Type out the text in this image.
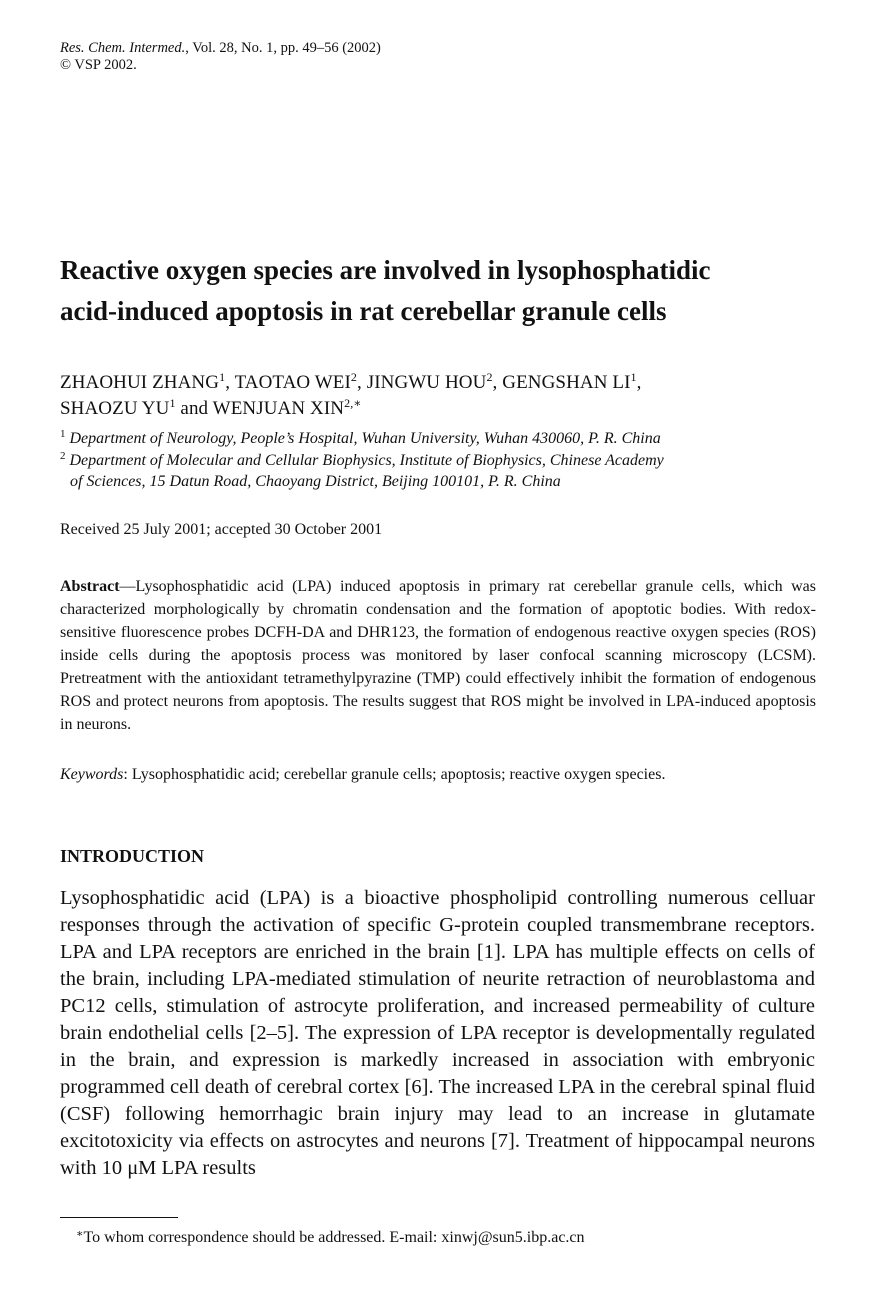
Res. Chem. Intermed., Vol. 28, No. 1, pp. 49–56 (2002)
© VSP 2002.
Reactive oxygen species are involved in lysophosphatidic
acid-induced apoptosis in rat cerebellar granule cells
ZHAOHUI ZHANG$^1$, TAOTAO WEI$^2$, JINGWU HOU$^2$, GENGSHAN $LI^1$,
SHAOZU $YU^1$ and WENJUAN $XIN^{2,∗}$
$^1$ Department of Neurology, People’s Hospital, Wuhan University, Wuhan 430060, P. R. China
$^2$ Department of Molecular and Cellular Biophysics, Institute of Biophysics, Chinese Academy
of Sciences, 15 Datun Road, Chaoyang District, Beijing 100101, P. R. China
Received 25 July 2001; accepted 30 October 2001
Abstract—Lysophosphatidic acid (LPA) induced apoptosis in primary rat cerebellar granule cells, which was characterized morphologically by chromatin condensation and the formation of apoptotic bodies. With redox-sensitive fluorescence probes DCFH-DA and DHR123, the formation of endogenous reactive oxygen species (ROS) inside cells during the apoptosis process was monitored by laser confocal scanning microscopy (LCSM). Pretreatment with the antioxidant tetramethylpyrazine (TMP) could effectively inhibit the formation of endogenous ROS and protect neurons from apoptosis. The results suggest that ROS might be involved in LPA-induced apoptosis in neurons.
Keywords: Lysophosphatidic acid; cerebellar granule cells; apoptosis; reactive oxygen species.
INTRODUCTION
Lysophosphatidic acid (LPA) is a bioactive phospholipid controlling numerous celluar responses through the activation of specific G-protein coupled transmembrane receptors. LPA and LPA receptors are enriched in the brain [1]. LPA has multiple effects on cells of the brain, including LPA-mediated stimulation of neurite retraction of neuroblastoma and PC12 cells, stimulation of astrocyte proliferation, and increased permeability of culture brain endothelial cells [2–5]. The expression of LPA receptor is developmentally regulated in the brain, and expression is markedly increased in association with embryonic programmed cell death of cerebral cortex [6]. The increased LPA in the cerebral spinal fluid (CSF) following hemorrhagic brain injury may lead to an increase in glutamate excitotoxicity via effects on astrocytes and neurons [7]. Treatment of hippocampal neurons with 10 μM LPA results
∗To whom correspondence should be addressed. E-mail: xinwj@sun5.ibp.ac.cn
